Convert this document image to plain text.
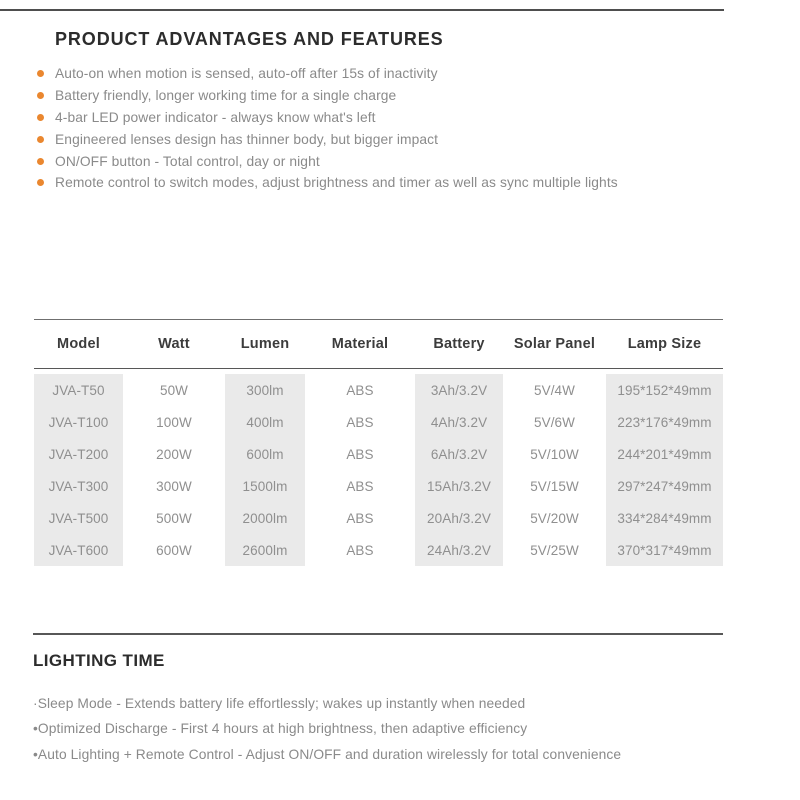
PRODUCT ADVANTAGES AND FEATURES
Auto-on when motion is sensed, auto-off after 15s of inactivity
Battery friendly, longer working time for a single charge
4-bar LED power indicator - always know what's left
Engineered lenses design has thinner body, but bigger impact
ON/OFF button - Total control, day or night
Remote control to switch modes, adjust brightness and timer as well as sync multiple lights
Model	Watt	Lumen	Material	Battery	Solar Panel	Lamp Size
JVA-T50	50W	300lm	ABS	3Ah/3.2V	5V/4W	195*152*49mm
JVA-T100	100W	400lm	ABS	4Ah/3.2V	5V/6W	223*176*49mm
JVA-T200	200W	600lm	ABS	6Ah/3.2V	5V/10W	244*201*49mm
JVA-T300	300W	1500lm	ABS	15Ah/3.2V	5V/15W	297*247*49mm
JVA-T500	500W	2000lm	ABS	20Ah/3.2V	5V/20W	334*284*49mm
JVA-T600	600W	2600lm	ABS	24Ah/3.2V	5V/25W	370*317*49mm
LIGHTING TIME
·Sleep Mode - Extends battery life effortlessly; wakes up instantly when needed
•Optimized Discharge - First 4 hours at high brightness, then adaptive efficiency
•Auto Lighting + Remote Control - Adjust ON/OFF and duration wirelessly for total convenience
